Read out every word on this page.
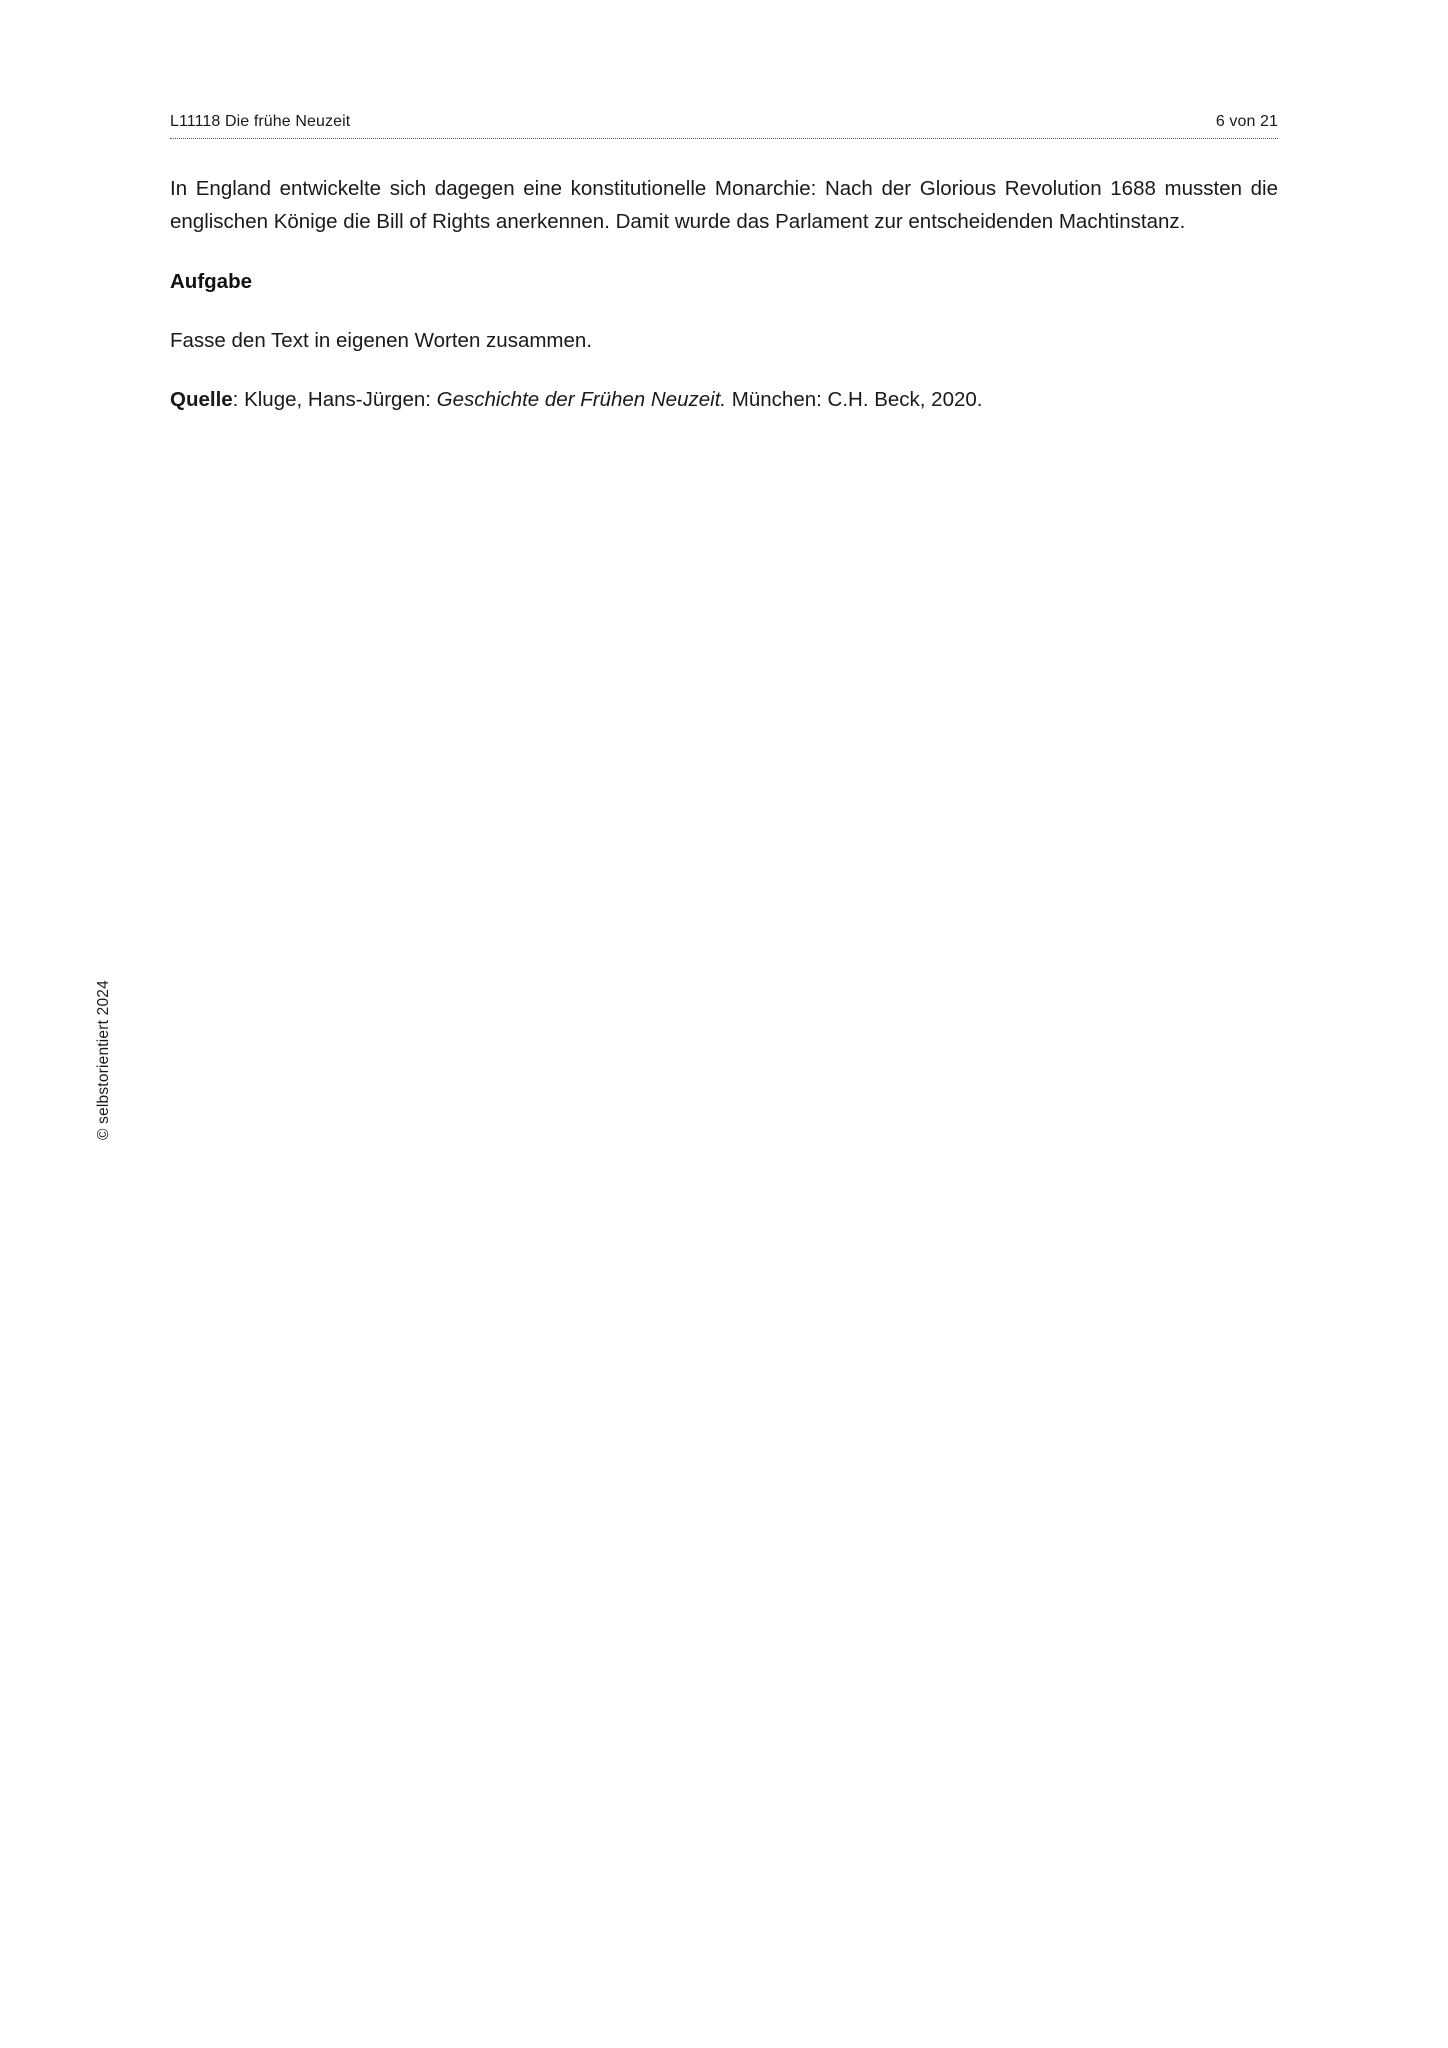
L11118 Die frühe Neuzeit	6 von 21

In England entwickelte sich dagegen eine konstitutionelle Monarchie: Nach der Glorious Revolution 1688 mussten die englischen Könige die Bill of Rights anerkennen. Damit wurde das Parlament zur entscheidenden Machtinstanz.

Aufgabe

Fasse den Text in eigenen Worten zusammen.

Quelle: Kluge, Hans-Jürgen: Geschichte der Frühen Neuzeit. München: C.H. Beck, 2020.

© selbstorientiert 2024
